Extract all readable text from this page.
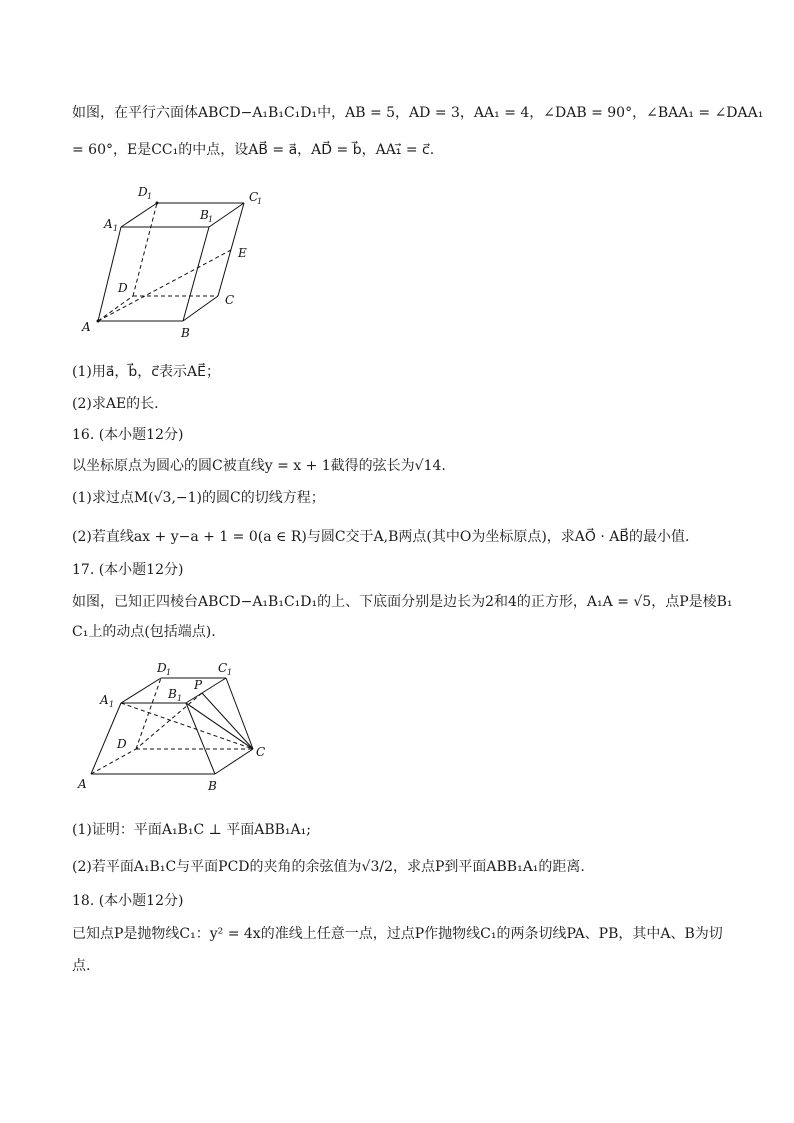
如图，在平行六面体ABCD−A₁B₁C₁D₁中，AB = 5，AD = 3，AA₁ = 4，∠DAB = 90°，∠BAA₁ = ∠DAA₁
= 60°，E是CC₁的中点，设AB⃗ = a⃗，AD⃗ = b⃗，AA₁⃗ = c⃗.
A	B
C
D
A 1
B 1
C
1
D 1
E
(1)用a⃗，b⃗，c⃗表示AE⃗；
(2)求AE的长.
16. (本小题12分)
以坐标原点为圆心的圆C被直线y = x + 1截得的弦长为√14.
(1)求过点M(√3,−1)的圆C的切线方程；
(2)若直线ax + y−a + 1 = 0(a ∈ R)与圆C交于A,B两点(其中O为坐标原点)，求AO⃗ · AB⃗的最小值.
17. (本小题12分)
如图，已知正四棱台ABCD−A₁B₁C₁D₁的上、下底面分别是边长为2和4的正方形，A₁A = √5，点P是棱B₁
C₁上的动点(包括端点).
A	B
C
D
A 1
B 1
C 1
D 1
P
(1)证明：平面A₁B₁C ⊥ 平面ABB₁A₁;
(2)若平面A₁B₁C与平面PCD的夹角的余弦值为√3/2，求点P到平面ABB₁A₁的距离.
18. (本小题12分)
已知点P是抛物线C₁：y² = 4x的准线上任意一点，过点P作抛物线C₁的两条切线PA、PB，其中A、B为切
点.
